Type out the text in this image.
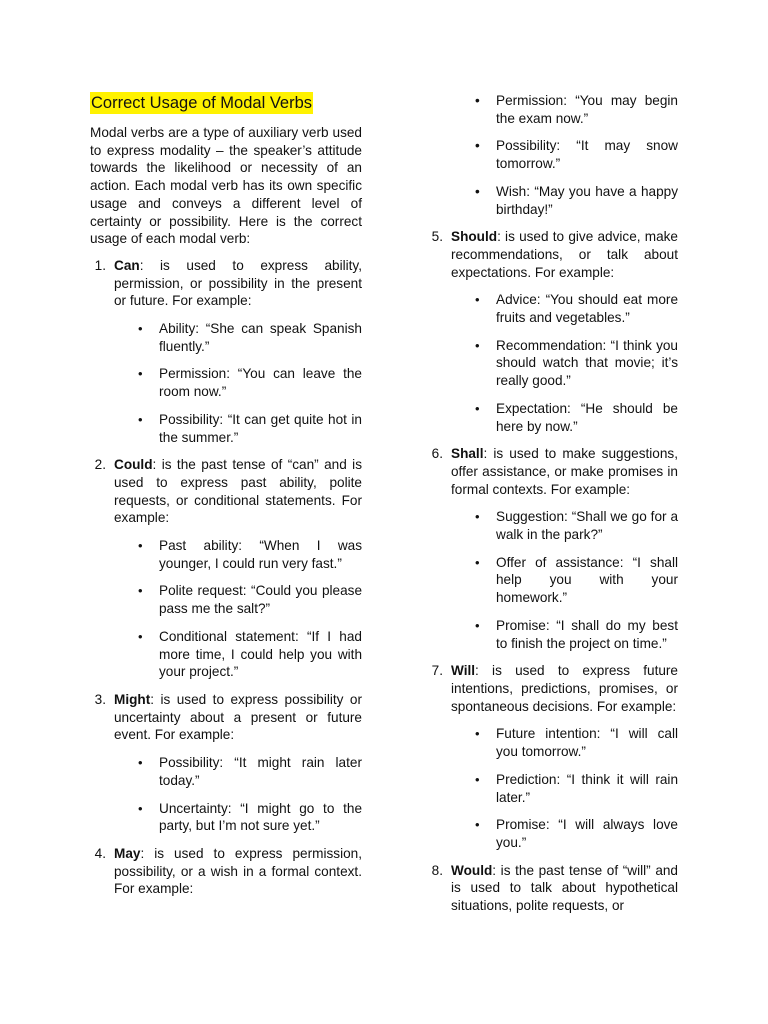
Correct Usage of Modal Verbs

Modal verbs are a type of auxiliary verb used to express modality – the speaker’s attitude towards the likelihood or necessity of an action. Each modal verb has its own specific usage and conveys a different level of certainty or possibility. Here is the correct usage of each modal verb:

1. Can: is used to express ability, permission, or possibility in the present or future. For example:
•	Ability: “She can speak Spanish fluently.”
•	Permission: “You can leave the room now.”
•	Possibility: “It can get quite hot in the summer.”
2. Could: is the past tense of “can” and is used to express past ability, polite requests, or conditional statements. For example:
•	Past ability: “When I was younger, I could run very fast.”
•	Polite request: “Could you please pass me the salt?”
•	Conditional statement: “If I had more time, I could help you with your project.”
3. Might: is used to express possibility or uncertainty about a present or future event. For example:
•	Possibility: “It might rain later today.”
•	Uncertainty: “I might go to the party, but I’m not sure yet.”
4. May: is used to express permission, possibility, or a wish in a formal context. For example:
• Permission: “You may begin the exam now.”
• Possibility: “It may snow tomorrow.”
• Wish: “May you have a happy birthday!”
5. Should: is used to give advice, make recommendations, or talk about expectations. For example:
•	Advice: “You should eat more fruits and vegetables.”
•	Recommendation: “I think you should watch that movie; it’s really good.”
•	Expectation: “He should be here by now.”
6. Shall: is used to make suggestions, offer assistance, or make promises in formal contexts. For example:
•	Suggestion: “Shall we go for a walk in the park?”
•	Offer of assistance: “I shall help you with your homework.”
•	Promise: “I shall do my best to finish the project on time.”
7. Will: is used to express future intentions, predictions, promises, or spontaneous decisions. For example:
•	Future intention: “I will call you tomorrow.”
•	Prediction: “I think it will rain later.”
•	Promise: “I will always love you.”
8. Would: is the past tense of “will” and is used to talk about hypothetical situations, polite requests, or
